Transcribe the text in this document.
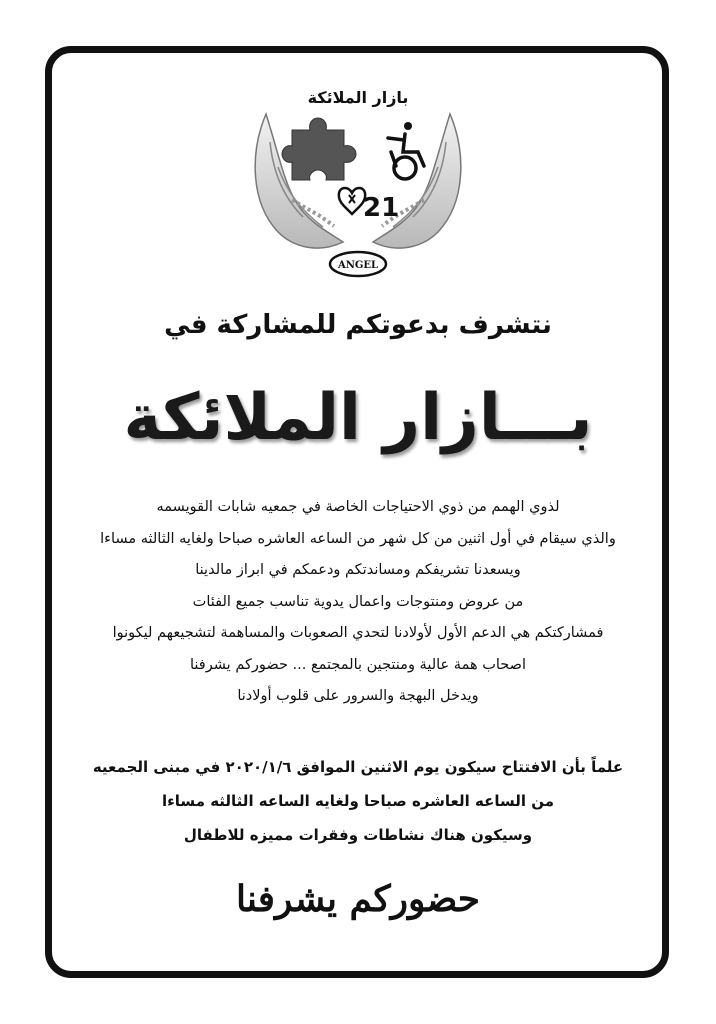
21
ANGEL
بازار الملائكة
نتشرف بدعوتكم للمشاركة في
بـــازار الملائكة
لذوي الهمم من ذوي الاحتياجات الخاصة في جمعيه شابات القويسمه
والذي سيقام في أول اثنين من كل شهر من الساعه العاشره صباحا ولغايه الثالثه مساءا
ويسعدنا تشريفكم ومساندتكم ودعمكم في ابراز مالدينا
من عروض ومنتوجات واعمال يدوية تناسب جميع الفئات
فمشاركتكم هي الدعم الأول لأولادنا لتحدي الصعوبات والمساهمة لتشجيعهم ليكونوا
اصحاب همة عالية ومنتجين بالمجتمع ... حضوركم يشرفنا
ويدخل البهجة والسرور على قلوب أولادنا
علماً بأن الافتتاح سيكون يوم الاثنين الموافق ٢٠٢٠/١/٦ في مبنى الجمعيه
من الساعه العاشره صباحا ولغايه الساعه الثالثه مساءا
وسيكون هناك نشاطات وفقرات مميزه للاطفال

حضوركم يشرفنا
